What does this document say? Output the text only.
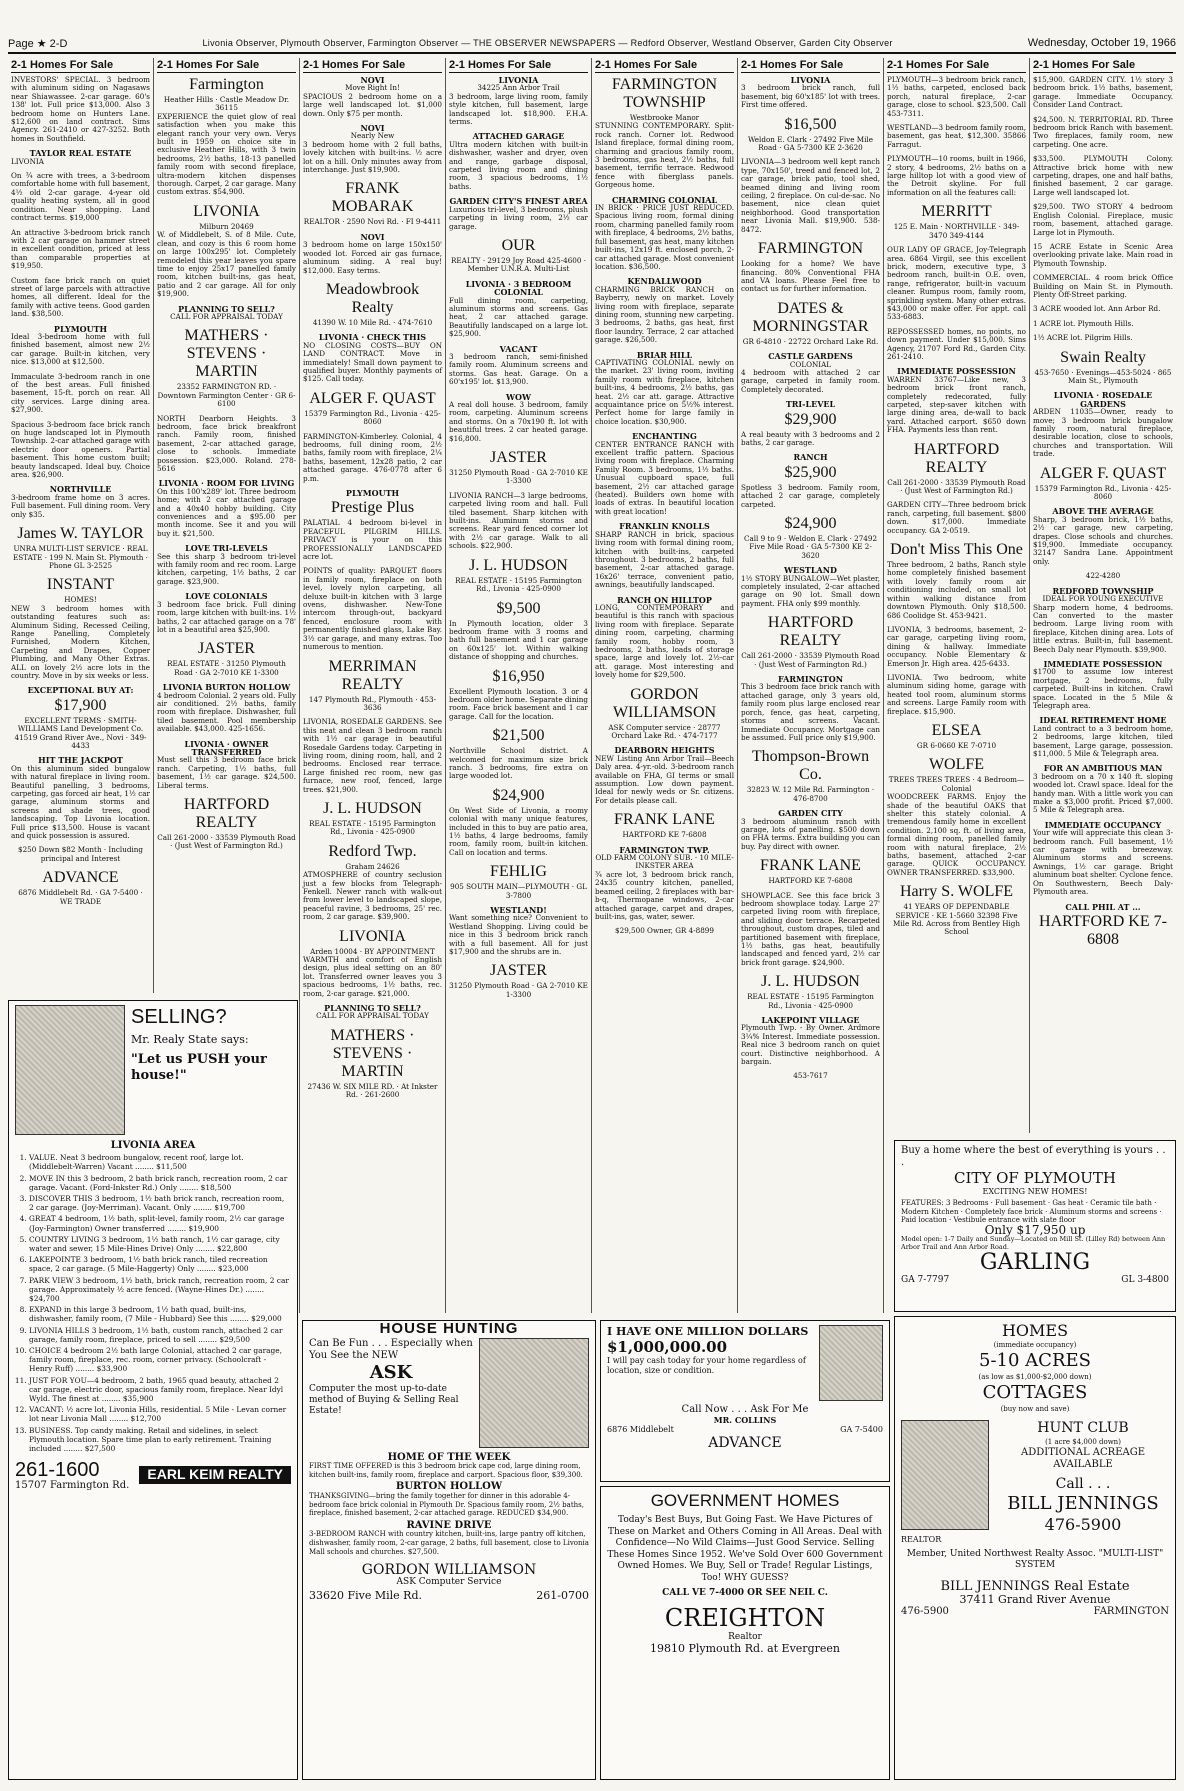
Page ★ 2-D	Livonia Observer, Plymouth Observer, Farmington Observer — THE OBSERVER NEWSPAPERS — Redford Observer, Westland Observer, Garden City Observer	Wednesday, October 19, 1966
2-1 Homes For Sale
INVESTORS' SPECIAL. 3 bedroom with aluminum siding on Nagasaws near Shiawassee. 2-car garage. 60's 138' lot. Full price $13,000. Also 3 bedroom home on Hunters Lane. $12,600 on land contract. Sims Agency. 261-2410 or 427-3252. Both homes in Southfield.
TAYLOR REAL ESTATE
LIVONIA
On ¾ acre with trees, a 3-bedroom comfortable home with full basement, 4½ old 2-car garage. 4-year old quality heating system, all in good condition. Near shopping. Land contract terms. $19,000
An attractive 3-bedroom brick ranch with 2 car garage on hammer street in excellent condition, priced at less than comparable properties at $19,950.
Custom face brick ranch on quiet street of large parcels with attractive homes, all different. Ideal for the family with active teens. Good garden land. $38,500.
PLYMOUTH
Ideal 3-bedroom home with full finished basement, almost new 2½ car garage. Built-in kitchen, very nice. $13,000 at $12,500.
Immaculate 3-bedroom ranch in one of the best areas. Full finished basement, 15-ft. porch on rear. All city services. Large dining area. $27,900.
Spacious 3-bedroom face brick ranch on huge landscaped lot in Plymouth Township. 2-car attached garage with electric door openers. Partial basement. This home custom built; beauty landscaped. Ideal buy. Choice area. $26,900.
NORTHVILLE
3-bedroom frame home on 3 acres. Full basement. Full dining room. Very only $35.
James W. TAYLOR
UNRA MULTI-LIST SERVICE · REAL ESTATE · 199 N. Main St. Plymouth · Phone GL 3-2525
INSTANT
HOMES!
NEW 3 bedroom homes with outstanding features such as: Aluminum Siding, Recessed Ceiling, Range Panelling, Completely Furnished, Modern Kitchen, Carpeting and Drapes, Copper Plumbing, and Many Other Extras. ALL on lovely 2½ acre lots in the country. Move in by six weeks or less.
EXCEPTIONAL BUY AT:
$17,900
EXCELLENT TERMS · SMITH-WILLIAMS Land Development Co. 41519 Grand River Ave., Novi · 349-4433
HIT THE JACKPOT
On this aluminum sided bungalow with natural fireplace in living room. Beautiful panelling, 3 bedrooms, carpeting, gas forced air heat, 1½ car garage, aluminum storms and screens and shade trees, good landscaping. Top Livonia location. Full price $13,500. House is vacant and quick possession is assured.
$250 Down $82 Month · Including principal and Interest
ADVANCE
6876 Middlebelt Rd. · GA 7-5400 · WE TRADE
2-1 Homes For Sale
Farmington
Heather Hills · Castle Meadow Dr. 36115
EXPERIENCE the quiet glow of real satisfaction when you make this elegant ranch your very own. Verys built in 1959 on choice site in exclusive Heather Hills, with 3 twin bedrooms, 2½ baths, 18-13 panelled family room with second fireplace, ultra-modern kitchen dispenses thorough. Carpet, 2 car garage. Many custom extras. $54,900.
LIVONIA
Milburn 20469
W. of Middlebelt, S. of 8 Mile. Cute, clean, and cozy is this 6 room home on large 100x295' lot. Completely remodeled this year leaves you spare time to enjoy 25x17 panelled family room, kitchen built-ins, gas heat, patio and 2 car garage. All for only $19,900.
PLANNING TO SELL?
CALL FOR APPRAISAL TODAY
MATHERS · STEVENS · MARTIN
23352 FARMINGTON RD. · Downtown Farmington Center · GR 6-6100
NORTH Dearborn Heights. 3 bedroom, face brick breakfront ranch. Family room, finished basement, 2-car attached garage, close to schools. Immediate possession. $23,000. Roland. 278-5616
LIVONIA · ROOM FOR LIVING
On this 100'x289' lot. Three bedroom home; with 2 car attached garage and a 40x40 hobby building. City conveniences and a $95.00 per month income. See it and you will buy it. $21,500.
LOVE TRI-LEVELS
See this sharp 3 bedroom tri-level with family room and rec room. Large kitchen, carpeting, 1½ baths, 2 car garage. $23,900.
LOVE COLONIALS
3 bedroom face brick. Full dining room, large kitchen with built-ins. 1½ baths, 2 car attached garage on a 78' lot in a beautiful area $25,900.
JASTER
REAL ESTATE · 31250 Plymouth Road · GA 2-7010 KE 1-3300
LIVONIA BURTON HOLLOW
4 bedroom Colonial. 2 years old. Fully air conditioned. 2½ baths, family room with fireplace. Dishwasher, full tiled basement. Pool membership available. $43,000. 425-1656.
LIVONIA · OWNER TRANSFERRED
Must sell this 3 bedroom face brick ranch. Carpeting, 1½ baths, full basement, 1½ car garage. $24,500. Liberal terms.
HARTFORD REALTY
Call 261-2000 · 33539 Plymouth Road · (Just West of Farmington Rd.)
2-1 Homes For Sale
NOVI
Move Right In!
SPACIOUS 2 bedroom home on a large well landscaped lot. $1,000 down. Only $75 per month.
NOVI
Nearly New
3 bedroom home with 2 full baths, lovely kitchen with built-ins. ½ acre lot on a hill. Only minutes away from interchange. Just $19,900.
FRANK MOBARAK
REALTOR · 2590 Novi Rd. · FI 9-4411
NOVI
3 bedroom home on large 150x150' wooded lot. Forced air gas furnace, aluminum siding. A real buy! $12,000. Easy terms.
Meadowbrook Realty
41390 W. 10 Mile Rd. · 474-7610
LIVONIA · CHECK THIS
NO CLOSING COSTS—BUY ON LAND CONTRACT. Move in immediately! Small down payment to qualified buyer. Monthly payments of $125. Call today.
ALGER F. QUAST
15379 Farmington Rd., Livonia · 425-8060
FARMINGTON-Kimberley. Colonial, 4 bedrooms, full dining room, 2½ baths, family room with fireplace, 2¼ baths, basement, 12x28 patio, 2 car attached garage. 476-0778 after 6 p.m.
PLYMOUTH
Prestige Plus
PALATIAL 4 bedroom bi-level in PEACEFUL PILGRIM HILLS. PRIVACY is your on this PROFESSIONALLY LANDSCAPED acre lot.
POINTS of quality: PARQUET floors in family room, fireplace on both level, lovely nylon carpeting, all deluxe built-in kitchen with 3 large ovens, dishwasher. New-Tone intercom through-out, backyard fenced, enclosure room with permanently finished glass, Lake Bay. 3½ car garage, and many extras. Too numerous to mention.
MERRIMAN REALTY
147 Plymouth Rd., Plymouth · 453-3636
LIVONIA, ROSEDALE GARDENS. See this neat and clean 3 bedroom ranch with 1½ car garage in beautiful Rosedale Gardens today. Carpeting in living room, dining room, hall, and 2 bedrooms. Enclosed rear terrace. Large finished rec room, new gas furnace, new roof, fenced, large trees. $21,900.
J. L. HUDSON
REAL ESTATE · 15195 Farmington Rd., Livonia · 425-0900
Redford Twp.
Graham 24626
ATMOSPHERE of country seclusion just a few blocks from Telegraph-Fenkell. Newer ranch with walk-out from lower level to landscaped slope, peaceful ravine, 3 bedrooms, 25' rec. room, 2 car garage. $39,900.
LIVONIA
Arden 10004 · BY APPOINTMENT
WARMTH and comfort of English design, plus ideal setting on an 80' lot. Transferred owner leaves you 3 spacious bedrooms, 1½ baths, rec. room, 2-car garage. $21,000.
PLANNING TO SELL?
CALL FOR APPRAISAL TODAY
MATHERS · STEVENS · MARTIN
27436 W. SIX MILE RD. · At Inkster Rd. · 261-2600
2-1 Homes For Sale
LIVONIA
34225 Ann Arbor Trail
3 bedroom, large living room, family style kitchen, full basement, large landscaped lot. $18,900. F.H.A. terms.
ATTACHED GARAGE
Ultra modern kitchen with built-in dishwasher, washer and dryer, oven and range, garbage disposal, carpeted living room and dining room, 3 spacious bedrooms, 1½ baths.
GARDEN CITY'S FINEST AREA
Luxurious tri-level, 3 bedrooms, plush carpeting in living room, 2½ car garage.
OUR
REALTY · 29129 Joy Road 425-4600 · Member U.N.R.A. Multi-List
LIVONIA · 3 BEDROOM COLONIAL
Full dining room, carpeting, aluminum storms and screens. Gas heat, 2 car attached garage. Beautifully landscaped on a large lot. $25,900.
VACANT
3 bedroom ranch, semi-finished family room. Aluminum screens and storms. Gas heat. Garage. On a 60'x195' lot. $13,900.
WOW
A real doll house. 3 bedroom, family room, carpeting. Aluminum screens and storms. On a 70x190 ft. lot with beautiful trees. 2 car heated garage. $16,800.
JASTER
31250 Plymouth Road · GA 2-7010 KE 1-3300
LIVONIA RANCH—3 large bedrooms, carpeted living room and hall. Full tiled basement. Sharp kitchen with built-ins. Aluminum storms and screens. Rear yard fenced corner lot with 2½ car garage. Walk to all schools. $22,900.
J. L. HUDSON
REAL ESTATE · 15195 Farmington Rd., Livonia · 425-0900
$9,500
In Plymouth location, older 3 bedroom frame with 3 rooms and bath full basement and 1 car garage on 60x125' lot. Within walking distance of shopping and churches.
$16,950
Excellent Plymouth location. 3 or 4 bedroom older home. Separate dining room. Face brick basement and 1 car garage. Call for the location.
$21,500
Northville School district. A welcomed for maximum size brick ranch. 3 bedrooms, fire extra on large wooded lot.
$24,900
On West Side of Livonia, a roomy colonial with many unique features, included in this to buy are patio area, 1½ baths, 4 large bedrooms, family room, family room, built-in kitchen. Call on location and terms.
FEHLIG
905 SOUTH MAIN—PLYMOUTH · GL 3-7800
WESTLAND!
Want something nice? Convenient to Westland Shopping. Living could be nice in this 3 bedroom brick ranch with a full basement. All for just $17,900 and the shrubs are in.
JASTER
31250 Plymouth Road · GA 2-7010 KE 1-3300
2-1 Homes For Sale
FARMINGTON TOWNSHIP
Westbrooke Manor
STUNNING CONTEMPORARY. Split-rock ranch. Corner lot. Redwood Island fireplace, formal dining room, charming and gracious family room, 3 bedrooms, gas heat, 2½ baths, full basement, terrific terrace. Redwood fence with fiberglass panels. Gorgeous home.
CHARMING COLONIAL
IN BRICK · PRICE JUST REDUCED. Spacious living room, formal dining room, charming panelled family room with fireplace, 4 bedrooms, 2½ baths, full basement, gas heat, many kitchen built-ins, 12x19 ft. enclosed porch, 2-car attached garage. Most convenient location. $36,500.
KENDALLWOOD
CHARMING BRICK RANCH on Bayberry, newly on market. Lovely living room with fireplace, separate dining room, stunning new carpeting. 3 bedrooms, 2 baths, gas heat, first floor laundry. Terrace, 2 car attached garage. $26,500.
BRIAR HILL
CAPTIVATING COLONIAL newly on the market. 23' living room, inviting family room with fireplace, kitchen built-ins, 4 bedrooms, 2½ baths, gas heat. 2½ car att. garage. Attractive acquaintance price on 5½% interest. Perfect home for large family in choice location. $30,900.
ENCHANTING
CENTER ENTRANCE RANCH with excellent traffic pattern. Spacious living room with fireplace. Charming Family Room. 3 bedrooms, 1½ baths. Unusual cupboard space, full basement, 2½ car attached garage (heated). Builders own home with loads of extras. In beautiful location with great location!
FRANKLIN KNOLLS
SHARP RANCH in brick, spacious living room with formal dining room, kitchen with built-ins, carpeted throughout. 3 bedrooms, 2 baths, full basement, 2-car attached garage. 16x26' terrace, convenient patio, awnings, beautifully landscaped.
RANCH ON HILLTOP
LONG, CONTEMPORARY and beautiful is this ranch with spacious living room with fireplace. Separate dining room, carpeting, charming family room, hobby room, 3 bedrooms, 2 baths, loads of storage space, large and lovely lot. 2½-car att. garage. Most interesting and lovely home for $29,500.
GORDON WILLIAMSON
ASK Computer service · 28777 Orchard Lake Rd. · 474-7177
DEARBORN HEIGHTS
NEW Listing Ann Arbor Trail—Beech Daly area. 4-yr.-old. 3-bedroom ranch available on FHA, GI terms or small assumption. Low down payment. Ideal for newly weds or Sr. citizens. For details please call.
FRANK LANE
HARTFORD KE 7-6808
FARMINGTON TWP.
OLD FARM COLONY SUB. · 10 MILE-INKSTER AREA
¾ acre lot, 3 bedroom brick ranch, 24x35 country kitchen, panelled, beamed ceiling, 2 fireplaces with bar-b-q, Thermopane windows, 2-car attached garage, carpet and drapes, built-ins, gas, water, sewer.
$29,500 Owner, GR 4-8899
2-1 Homes For Sale
LIVONIA
3 bedroom brick ranch, full basement, big 60'x185' lot with trees. First time offered.
$16,500
Weldon E. Clark · 27492 Five Mile Road · GA 5-7300 KE 2-3620
LIVONIA—3 bedroom well kept ranch type, 70x150', treed and fenced lot, 2 car garage, brick patio, tool shed, beamed dining and living room ceiling, 2 fireplace. On cul-de-sac. No basement, nice clean quiet neighborhood. Good transportation near Livonia Mall. $19,900. 538-8472.
FARMINGTON
Looking for a home? We have financing. 80% Conventional FHA and VA loans. Please Feel free to contact us for further information.
DATES & MORNINGSTAR
GR 6-4810 · 22722 Orchard Lake Rd.
CASTLE GARDENS
COLONIAL
4 bedroom with attached 2 car garage, carpeted in family room. Completely decorated.
TRI-LEVEL
$29,900
A real beauty with 3 bedrooms and 2 baths, 2 car garage.
RANCH
$25,900
Spotless 3 bedroom. Family room, attached 2 car garage, completely carpeted.
$24,900
Call 9 to 9 · Weldon E. Clark · 27492 Five Mile Road · GA 5-7300 KE 2-3620
WESTLAND
1½ STORY BUNGALOW—Wet plaster, completely insulated, 2-car attached garage on 90 lot. Small down payment. FHA only $99 monthly.
HARTFORD REALTY
Call 261-2000 · 33539 Plymouth Road · (Just West of Farmington Rd.)
FARMINGTON
This 3 bedroom face brick ranch with attached garage, only 3 years old, family room plus large enclosed rear porch, fence, gas heat, carpeting, storms and screens. Vacant. Immediate Occupancy. Mortgage can be assumed. Full price only $19,900.
Thompson-Brown Co.
32823 W. 12 Mile Rd. Farmington · 476-8700
GARDEN CITY
3 bedroom aluminum ranch with garage, lots of panelling. $500 down on FHA terms. Extra building you can buy. Pay direct with owner.
FRANK LANE
HARTFORD KE 7-6808
SHOWPLACE. See this face brick 3 bedroom showplace today. Large 27' carpeted living room with fireplace, and sliding door terrace. Recarpeted throughout, custom drapes, tiled and partitioned basement with fireplace, 1½ baths, gas heat, beautifully landscaped and fenced yard, 2½ car brick front garage. $24,900.
J. L. HUDSON
REAL ESTATE · 15195 Farmington Rd., Livonia · 425-0900
LAKEPOINT VILLAGE
Plymouth Twp. - By Owner. Ardmore 3¼% Interest. Immediate possession. Real nice 3 bedroom ranch on quiet court. Distinctive neighborhood. A bargain.
453-7617
2-1 Homes For Sale
PLYMOUTH—3 bedroom brick ranch, 1½ baths, carpeted, enclosed back porch, natural fireplace, 2-car garage, close to school. $23,500. Call 453-7311.
WESTLAND—3 bedroom family room, basement, gas heat, $12,300. 35866 Farragut.
PLYMOUTH—10 rooms, built in 1966, 2 story, 4 bedrooms, 2½ baths on a large hilltop lot with a good view of the Detroit skyline. For full information on all the features call:
MERRITT
125 E. Main · NORTHVILLE · 349-3470 349-4144
OUR LADY OF GRACE, Joy-Telegraph area. 6864 Virgil, see this excellent brick, modern, executive type, 3 bedroom ranch, built-in O.E. oven, range, refrigerator, built-in vacuum cleaner. Rumpus room, family room, sprinkling system. Many other extras. $43,000 or make offer. For appt. call 533-6883.
REPOSSESSED homes, no points, no down payment. Under $15,000. Sims Agency, 21707 Ford Rd., Garden City. 261-2410.
IMMEDIATE POSSESSION
WARREN 33767—Like new, 3 bedroom brick front ranch, completely redecorated, fully carpeted, step-saver kitchen with large dining area, de-wall to back yard. Attached carport. $650 down FHA. Payments less than rent.
HARTFORD REALTY
Call 261-2000 · 33539 Plymouth Road · (Just West of Farmington Rd.)
GARDEN CITY—Three bedroom brick ranch, carpeting, full basement. $800 down. $17,000. Immediate occupancy. GA 2-0519.
Don't Miss This One
Three bedroom, 2 baths, Ranch style home completely finished basement with lovely family room air conditioning included, on small lot within walking distance from downtown Plymouth. Only $18,500. 686 Coolidge St. 453-9421.
LIVONIA, 3 bedrooms, basement, 2-car garage, carpeting living room, dining & hallway. Immediate occupancy. Noble Elementary & Emerson Jr. High area. 425-6433.
LIVONIA. Two bedroom, white aluminum siding home, garage with heated tool room, aluminum storms and screens. Large Family room with fireplace. $15,900.
ELSEA
GR 6-0660 KE 7-0710
WOLFE
TREES TREES TREES · 4 Bedroom—Colonial
WOODCREEK FARMS. Enjoy the shade of the beautiful OAKS that shelter this stately colonial. A tremendous family home in excellent condition. 2,100 sq. ft. of living area, formal dining room, panelled family room with natural fireplace, 2½ baths, basement, attached 2-car garage. QUICK OCCUPANCY. OWNER TRANSFERRED. $33,900.
Harry S. WOLFE
41 YEARS OF DEPENDABLE SERVICE · KE 1-5660 32398 Five Mile Rd. Across from Bentley High School
2-1 Homes For Sale
$15,900. GARDEN CITY. 1½ story 3 bedroom brick. 1½ baths, basement, garage. Immediate Occupancy. Consider Land Contract.
$24,500. N. TERRITORIAL RD. Three bedroom brick Ranch with basement. Two fireplaces, family room, new carpeting. One acre.
$33,500. PLYMOUTH Colony. Attractive brick home with new carpeting, drapes, one and half baths, finished basement, 2 car garage. Large well landscaped lot.
$29,500. TWO STORY 4 bedroom English Colonial. Fireplace, music room, basement, attached garage. Large lot in Plymouth.
15 ACRE Estate in Scenic Area overlooking private lake. Main road in Plymouth Township.
COMMERCIAL. 4 room brick Office Building on Main St. in Plymouth. Plenty Off-Street parking.
3 ACRE wooded lot. Ann Arbor Rd.
1 ACRE lot. Plymouth Hills.
1½ ACRE lot. Pilgrim Hills.
Swain Realty
453-7650 · Evenings—453-5024 · 865 Main St., Plymouth
LIVONIA · ROSEDALE GARDENS
ARDEN 11035—Owner, ready to move; 3 bedroom brick bungalow family room, natural fireplace, desirable location, close to schools, churches and transportation. Will trade.
ALGER F. QUAST
15379 Farmington Rd., Livonia · 425-8060
ABOVE THE AVERAGE
Sharp, 3 bedroom brick, 1½ baths, 2½ car garage, new carpeting, drapes. Close schools and churches. $19,900. Immediate occupancy. 32147 Sandra Lane. Appointment only.
422-4280
REDFORD TOWNSHIP
IDEAL FOR YOUNG EXECUTIVE
Sharp modern home, 4 bedrooms. Can converted to the master bedroom. Large living room with fireplace, Kitchen dining area. Lots of little extras. Built-in, full basement. Beech Daly near Plymouth. $39,900.
IMMEDIATE POSSESSION
$1700 to assume low interest mortgage, 2 bedrooms, fully carpeted. Built-ins in kitchen. Crawl space. Located in the 5 Mile & Telegraph area.
IDEAL RETIREMENT HOME
Land contract to a 3 bedroom home, 2 bedrooms, large kitchen, tiled basement, Large garage, possession. $11,000. 5 Mile & Telegraph area.
FOR AN AMBITIOUS MAN
3 bedroom on a 70 x 140 ft. sloping wooded lot. Crawl space. Ideal for the handy man. With a little work you can make a $3,000 profit. Priced $7,000. 5 Mile & Telegraph area.
IMMEDIATE OCCUPANCY
Your wife will appreciate this clean 3-bedroom ranch. Full basement, 1½ car garage with breezeway. Aluminum storms and screens. Awnings, 1½ car garage. Bright aluminum boat shelter. Cyclone fence. On Southwestern, Beech Daly-Plymouth area.
CALL PHIL AT ...
HARTFORD KE 7-6808
SELLING?
Mr. Realy State says:
"Let us PUSH your house!"
LIVONIA AREA
1. VALUE. Neat 3 bedroom bungalow, recent roof, large lot. (Middlebelt-Warren) Vacant ........ $11,500
2. MOVE IN this 3 bedroom, 2 bath brick ranch, recreation room, 2 car garage. Vacant. (Ford-Inkster Rd.) Only ........ $18,500
3. DISCOVER THIS 3 bedroom, 1½ bath brick ranch, recreation room, 2 car garage. (Joy-Merriman). Vacant. Only ........ $19,700
4. GREAT 4 bedroom, 1½ bath, split-level, family room, 2½ car garage (Joy-Farmington) Owner transferred ........ $19,900
5. COUNTRY LIVING 3 bedroom, 1½ bath ranch, 1½ car garage, city water and sewer, 15 Mile-Hines Drive) Only ........ $22,800
6. LAKEPOINTE 3 bedroom, 1½ bath brick ranch, tiled recreation space, 2 car garage. (5 Mile-Haggerty) Only ........ $23,000
7. PARK VIEW 3 bedroom, 1½ bath, brick ranch, recreation room, 2 car garage. Approximately ½ acre fenced. (Wayne-Hines Dr.) ........ $24,700
8. EXPAND in this large 3 bedroom, 1½ bath quad, built-ins, dishwasher, family room, (7 Mile - Hubbard) See this ........ $29,000
9. LIVONIA HILLS 3 bedroom, 1½ bath, custom ranch, attached 2 car garage, family room, fireplace, priced to sell ........ $29,500
10. CHOICE 4 bedroom 2½ bath large Colonial, attached 2 car garage, family room, fireplace, rec. room, corner privacy. (Schoolcraft - Henry Ruff) ........ $33,900
11. JUST FOR YOU—4 bedroom, 2 bath, 1965 quad beauty, attached 2 car garage, electric door, spacious family room, fireplace. Near Idyl Wyld. The finest at ........ $35,900
12. VACANT: ½ acre lot, Livonia Hills, residential. 5 Mile - Levan corner lot near Livonia Mall ........ $12,700
13. BUSINESS. Top candy making. Retail and sidelines, in select Plymouth location. Spare time plan to early retirement. Training included ........ $27,500
261-1600
15707 Farmington Rd.
EARL KEIM REALTY
HOUSE HUNTING
Can Be Fun . . . Especially when You See the NEW
ASK
Computer the most up-to-date method of Buying & Selling Real Estate!
HOME OF THE WEEK
FIRST TIME OFFERED is this 3 bedroom brick cape cod, large dining room, kitchen built-ins, family room, fireplace and carport. Spacious floor, $39,300.
BURTON HOLLOW
THANKSGIVING—bring the family together for dinner in this adorable 4-bedroom face brick colonial in Plymouth Dr. Spacious family room, 2½ baths, fireplace, finished basement, 2-car attached garage. REDUCED $34,900.
RAVINE DRIVE
3-BEDROOM RANCH with country kitchen, built-ins, large pantry off kitchen, dishwasher, family room, 2-car garage, 2 baths, full basement, close to Livonia Mall schools and churches. $27,500.
GORDON WILLIAMSON
ASK Computer Service
33620 Five Mile Rd.	261-0700
I HAVE ONE MILLION DOLLARS
$1,000,000.00
I will pay cash today for your home regardless of location, size or condition.
Call Now . . . Ask For Me
MR. COLLINS
6876 Middlebelt	GA 7-5400
ADVANCE
GOVERNMENT HOMES
Today's Best Buys, But Going Fast. We Have Pictures of These on Market and Others Coming in All Areas. Deal with Confidence—No Wild Claims—Just Good Service. Selling These Homes Since 1952. We've Sold Over 600 Government Owned Homes. We Buy, Sell or Trade! Regular Listings, Too! WHY GUESS?
CALL VE 7-4000 OR SEE NEIL C.
CREIGHTON
Realtor
19810 Plymouth Rd. at Evergreen
Buy a home where the best of everything is yours . . .
CITY OF PLYMOUTH
EXCITING NEW HOMES!
FEATURES: 3 Bedrooms · Full basement · Gas heat · Ceramic tile bath · Modern Kitchen · Completely face brick · Aluminum storms and screens · Paid location · Vestibule entrance with slate floor
Only $17,950 up
Model open: 1-7 Daily and Sunday—Located on Mill St. (Lilley Rd) between Ann Arbor Trail and Ann Arbor Road.
GARLING
GA 7-7797	GL 3-4800
HOMES
(immediate occupancy)
5-10 ACRES
(as low as $1,000-$2,000 down)
COTTAGES
(buy now and save)
HUNT CLUB
(1 acre $4,000 down)
ADDITIONAL ACREAGE AVAILABLE
Call . . .
BILL JENNINGS
476-5900
REALTOR
Member, United Northwest Realty Assoc. "MULTI-LIST" SYSTEM
BILL JENNINGS Real Estate
37411 Grand River Avenue
476-5900	FARMINGTON
